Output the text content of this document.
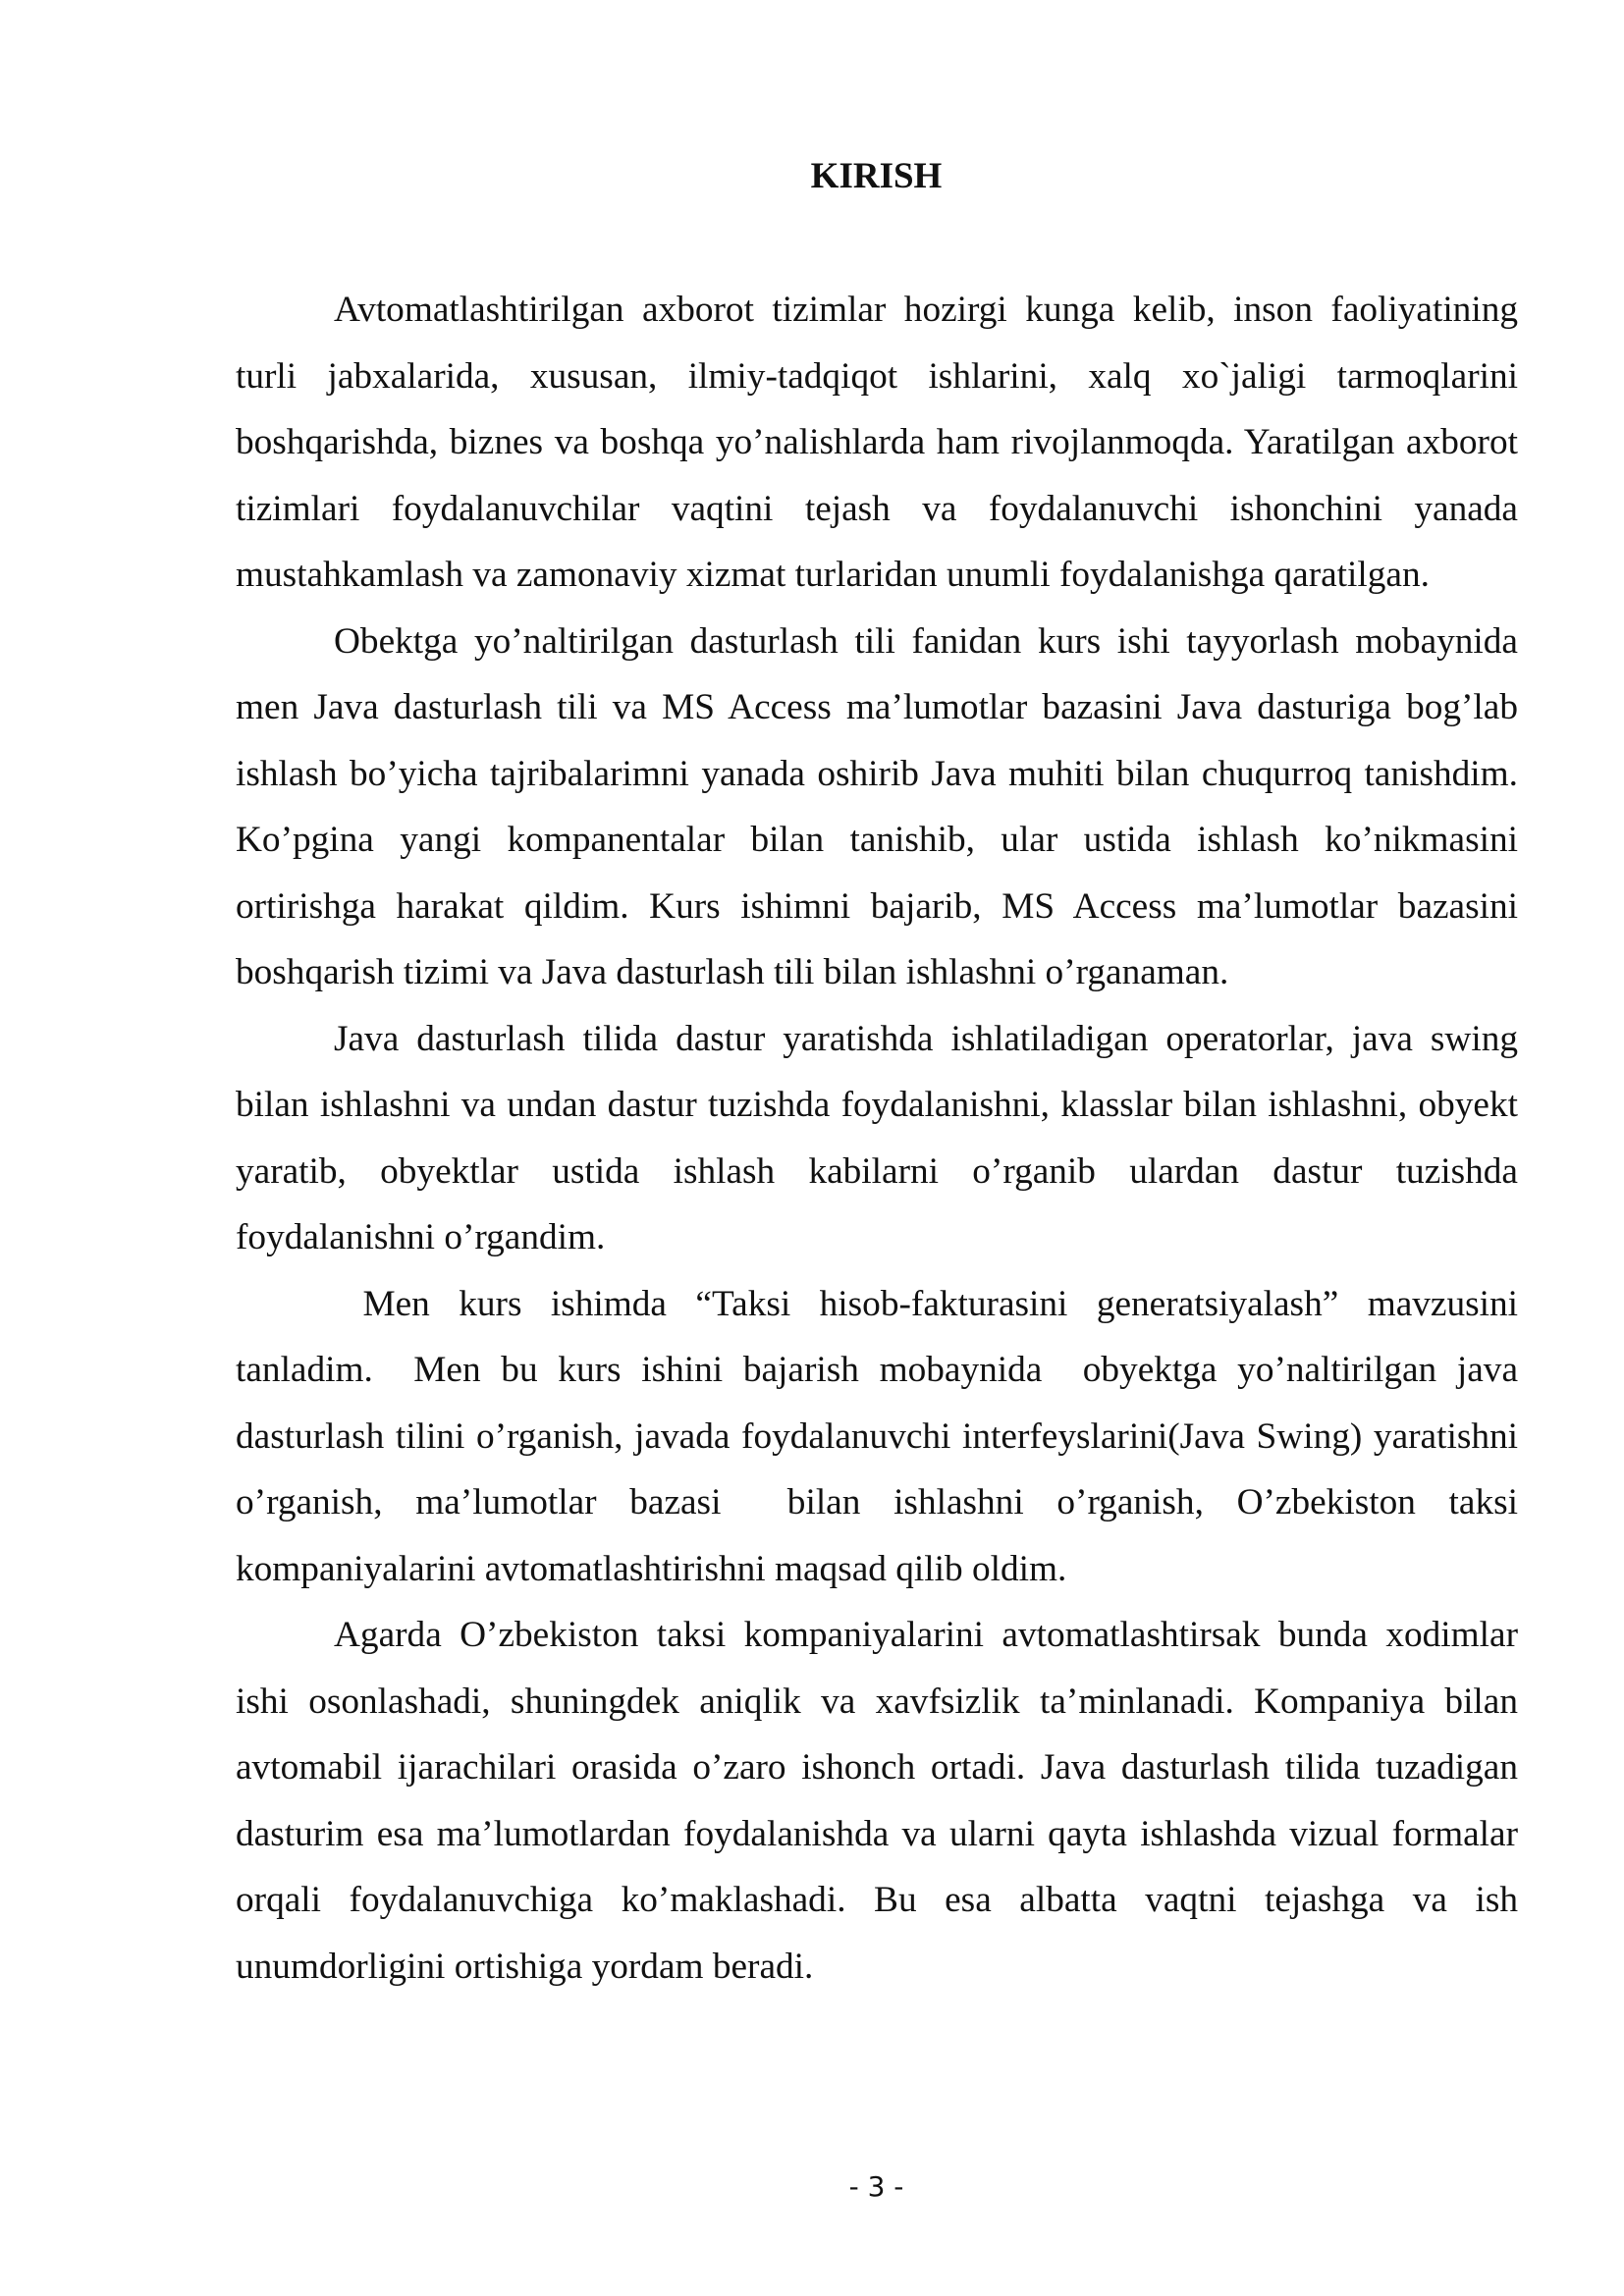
KIRISH

Avtomatlashtirilgan axborot tizimlar hozirgi kunga kelib, inson faoliyatining turli jabxalarida, xususan, ilmiy-tadqiqot ishlarini, xalq xo`jaligi tarmoqlarini boshqarishda, biznes va boshqa yo’nalishlarda ham rivojlanmoqda. Yaratilgan axborot tizimlari foydalanuvchilar vaqtini tejash va foydalanuvchi ishonchini yanada mustahkamlash va zamonaviy xizmat turlaridan unumli foydalanishga qaratilgan.

Obektga yo’naltirilgan dasturlash tili fanidan kurs ishi tayyorlash mobaynida men Java dasturlash tili va MS Access ma’lumotlar bazasini Java dasturiga bog’lab ishlash bo’yicha tajribalarimni yanada oshirib Java muhiti bilan chuqurroq tanishdim. Ko’pgina yangi kompanentalar bilan tanishib, ular ustida ishlash ko’nikmasini ortirishga harakat qildim. Kurs ishimni bajarib, MS Access ma’lumotlar bazasini boshqarish tizimi va Java dasturlash tili bilan ishlashni o’rganaman.

Java dasturlash tilida dastur yaratishda ishlatiladigan operatorlar, java swing bilan ishlashni va undan dastur tuzishda foydalanishni, klasslar bilan ishlashni, obyekt yaratib, obyektlar ustida ishlash kabilarni o’rganib ulardan dastur tuzishda foydalanishni o’rgandim.

Men kurs ishimda “Taksi hisob-fakturasini generatsiyalash” mavzusini tanladim.  Men bu kurs ishini bajarish mobaynida  obyektga yo’naltirilgan java dasturlash tilini o’rganish, javada foydalanuvchi interfeyslarini(Java Swing) yaratishni o’rganish, ma’lumotlar bazasi  bilan ishlashni o’rganish, O’zbekiston taksi kompaniyalarini avtomatlashtirishni maqsad qilib oldim.

Agarda O’zbekiston taksi kompaniyalarini avtomatlashtirsak bunda xodimlar ishi osonlashadi, shuningdek aniqlik va xavfsizlik ta’minlanadi. Kompaniya bilan avtomabil ijarachilari orasida o’zaro ishonch ortadi. Java dasturlash tilida tuzadigan dasturim esa ma’lumotlardan foydalanishda va ularni qayta ishlashda vizual formalar orqali foydalanuvchiga ko’maklashadi. Bu esa albatta vaqtni tejashga va ish unumdorligini ortishiga yordam beradi.

- 3 -
